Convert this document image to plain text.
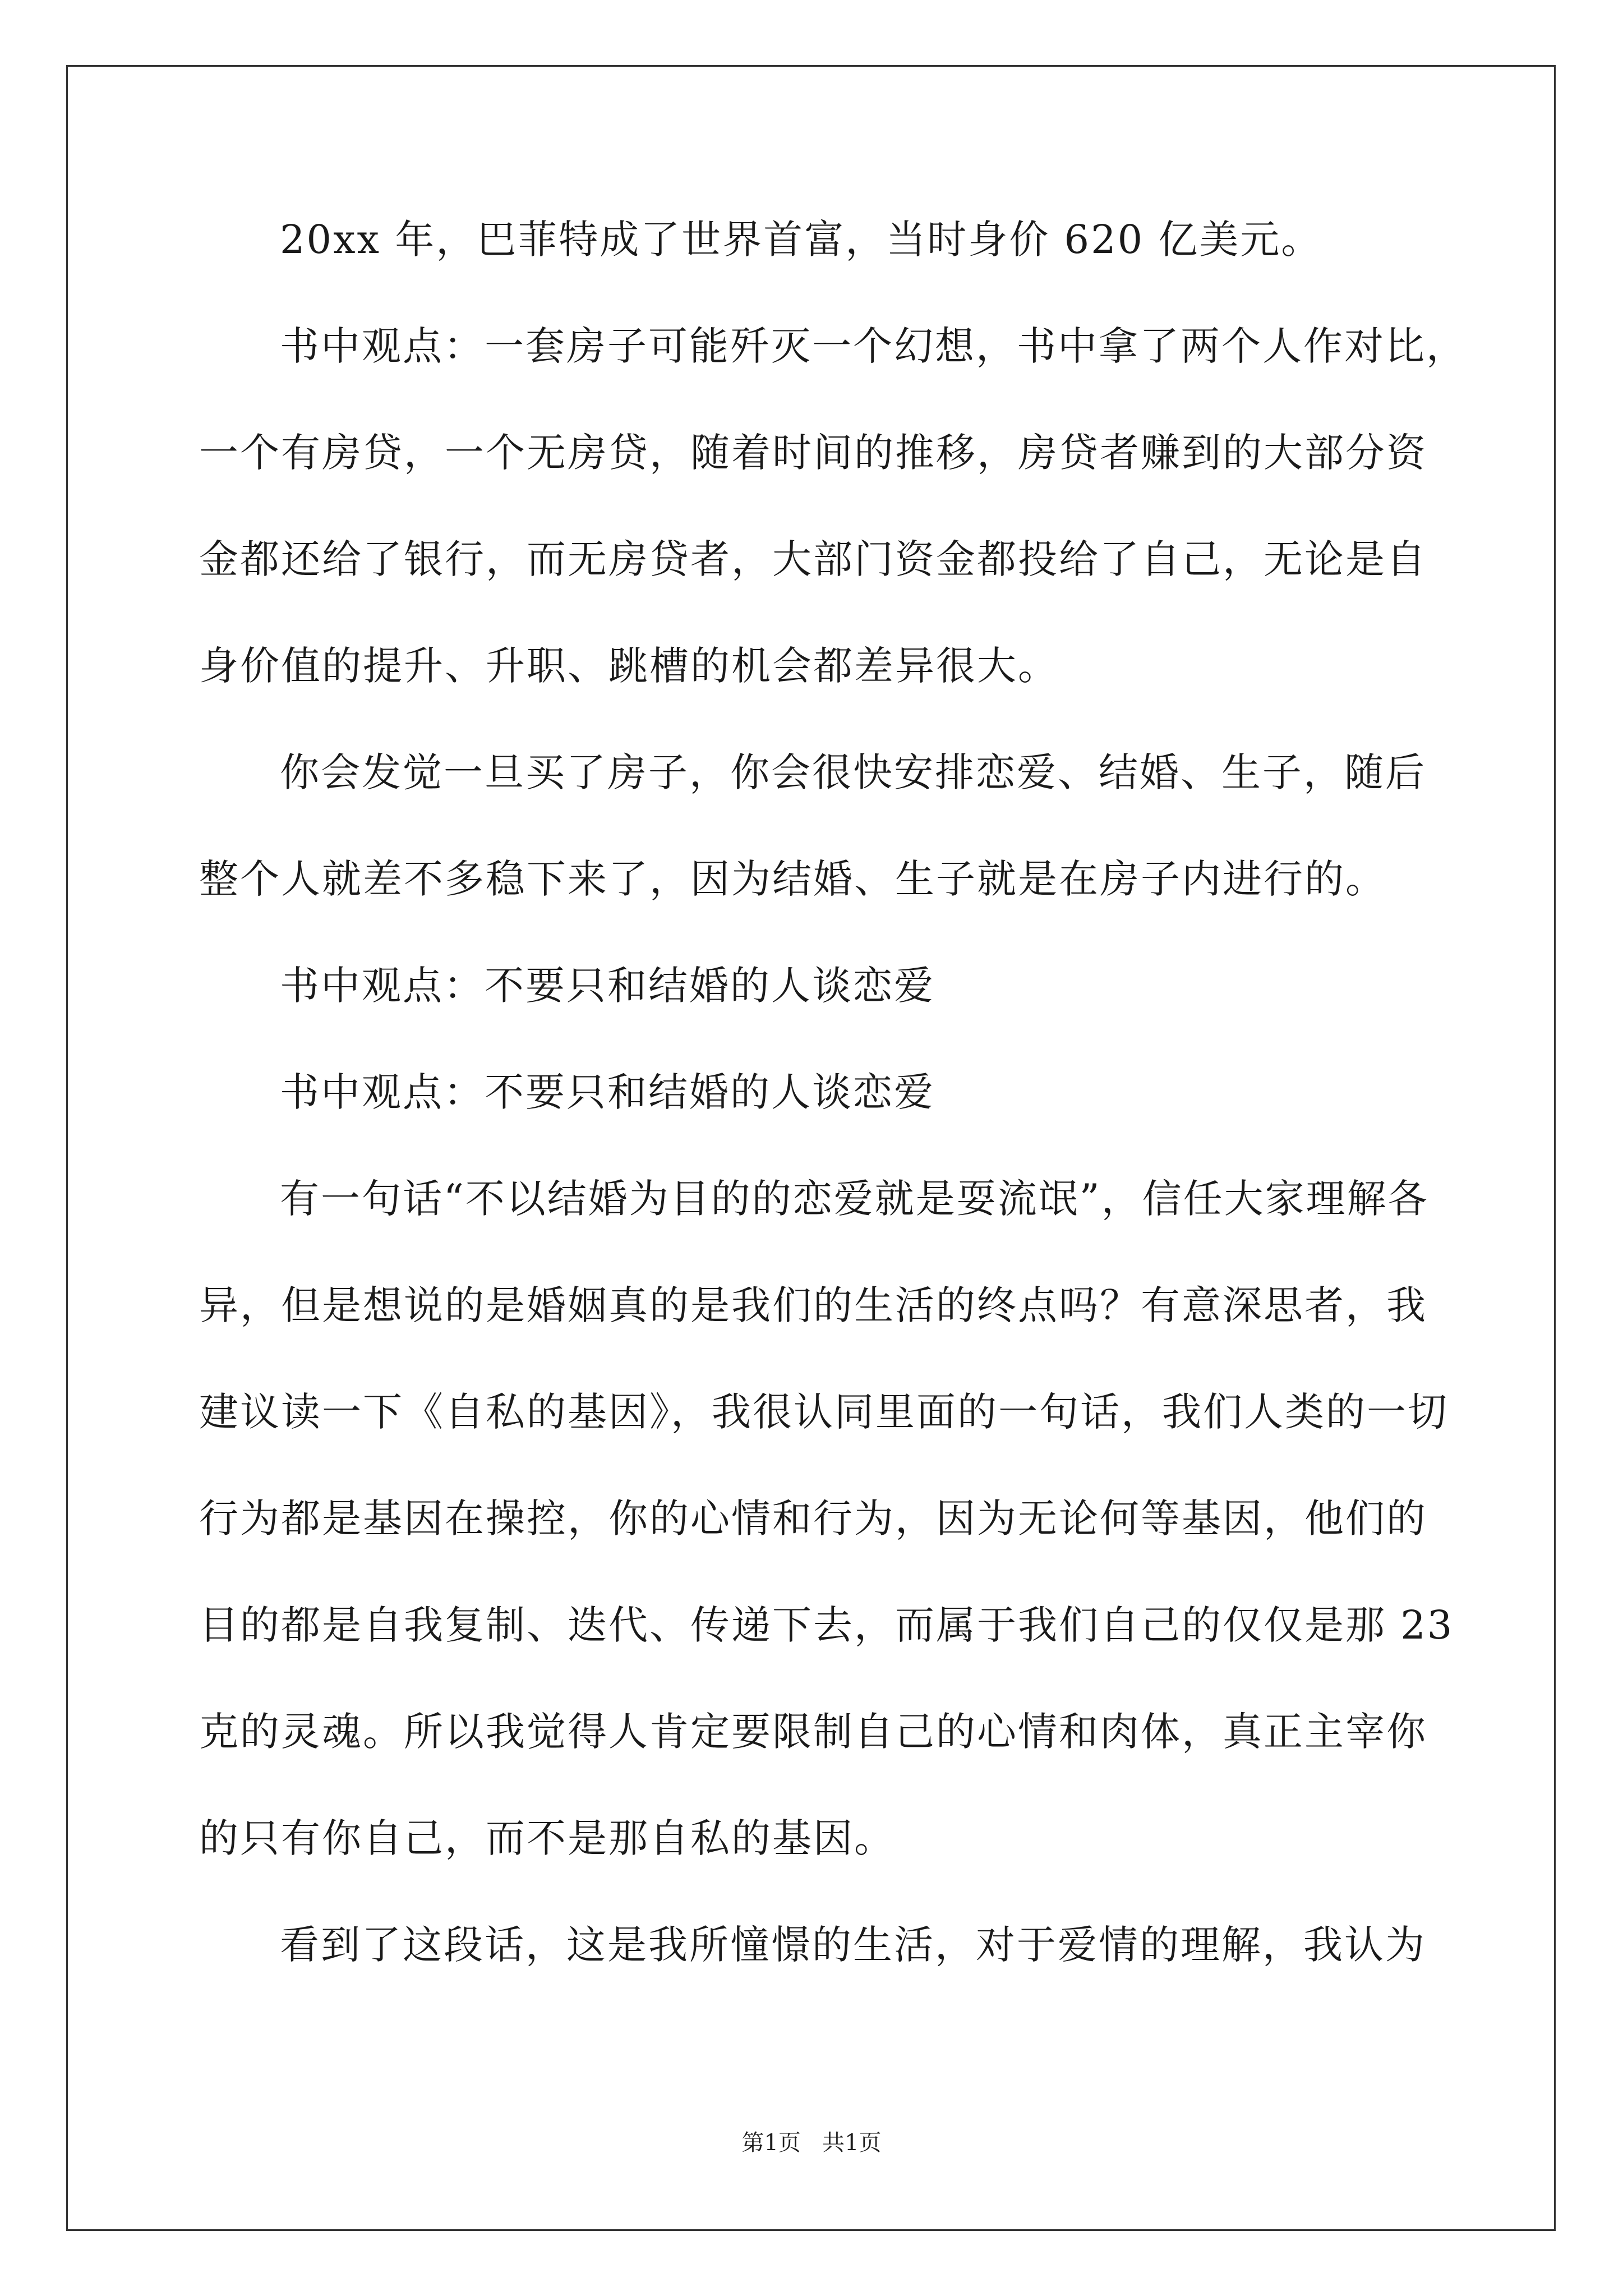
20xx 年，巴菲特成了世界首富，当时身价 620 亿美元。
书中观点：一套房子可能歼灭一个幻想，书中拿了两个人作对比，
一个有房贷，一个无房贷，随着时间的推移，房贷者赚到的大部分资
金都还给了银行，而无房贷者，大部门资金都投给了自己，无论是自
身价值的提升、升职、跳槽的机会都差异很大。
你会发觉一旦买了房子，你会很快安排恋爱、结婚、生子，随后
整个人就差不多稳下来了，因为结婚、生子就是在房子内进行的。
书中观点：不要只和结婚的人谈恋爱
书中观点：不要只和结婚的人谈恋爱
有一句话“不以结婚为目的的恋爱就是耍流氓”，信任大家理解各
异，但是想说的是婚姻真的是我们的生活的终点吗？有意深思者，我
建议读一下《自私的基因》，我很认同里面的一句话，我们人类的一切
行为都是基因在操控，你的心情和行为，因为无论何等基因，他们的
目的都是自我复制、迭代、传递下去，而属于我们自己的仅仅是那 23
克的灵魂。所以我觉得人肯定要限制自己的心情和肉体，真正主宰你
的只有你自己，而不是那自私的基因。
看到了这段话，这是我所憧憬的生活，对于爱情的理解，我认为
第1页   共1页
